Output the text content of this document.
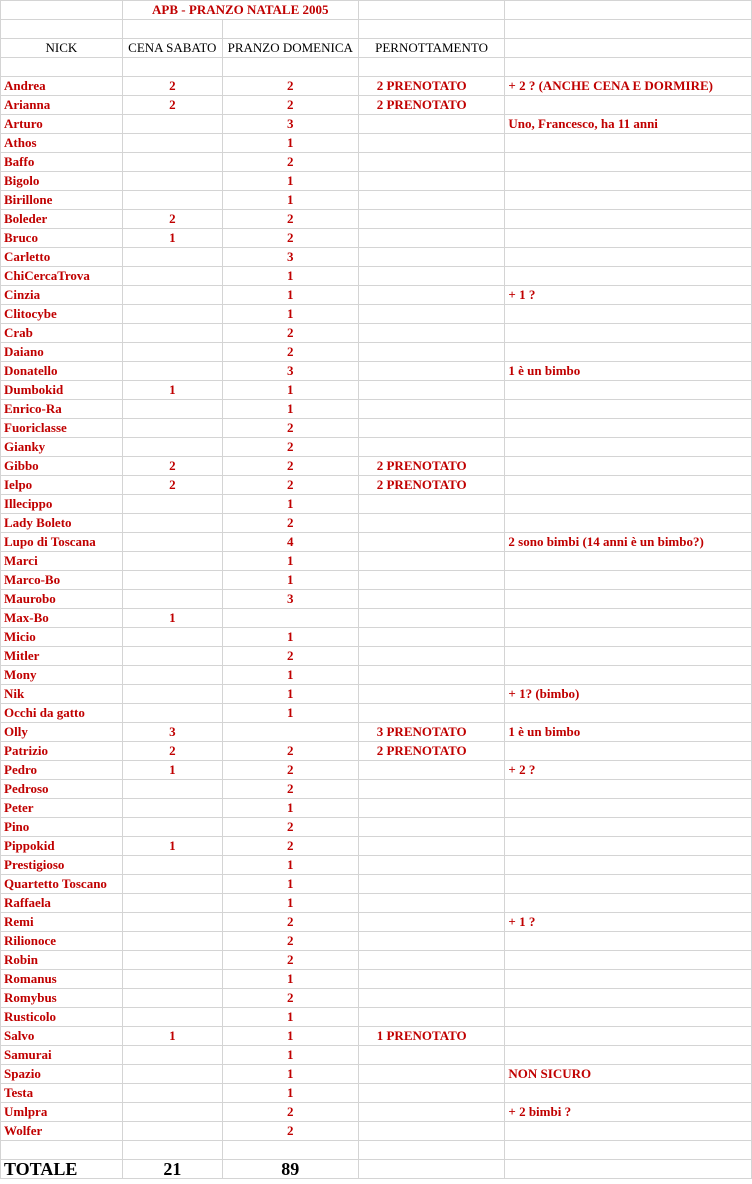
	APB - PRANZO NATALE 2005			

NICK	CENA SABATO	PRANZO DOMENICA	PERNOTTAMENTO	

Andrea	2	2	2 PRENOTATO	+ 2 ? (ANCHE CENA E DORMIRE)
Arianna	2	2	2 PRENOTATO	
Arturo		3		Uno, Francesco, ha 11 anni
Athos		1		
Baffo		2		
Bigolo		1		
Birillone		1		
Boleder	2	2		
Bruco	1	2		
Carletto		3		
ChiCercaTrova		1		
Cinzia		1		+ 1 ?
Clitocybe		1		
Crab		2		
Daiano		2		
Donatello		3		1 è un bimbo
Dumbokid	1	1		
Enrico-Ra		1		
Fuoriclasse		2		
Gianky		2		
Gibbo	2	2	2 PRENOTATO	
Ielpo	2	2	2 PRENOTATO	
Illecippo		1		
Lady Boleto		2		
Lupo di Toscana		4		2 sono bimbi (14 anni è un bimbo?)
Marci		1		
Marco-Bo		1		
Maurobo		3		
Max-Bo	1			
Micio		1		
Mitler		2		
Mony		1		
Nik		1		+ 1? (bimbo)
Occhi da gatto		1		
Olly	3		3 PRENOTATO	1 è un bimbo
Patrizio	2	2	2 PRENOTATO	
Pedro	1	2		+ 2 ?
Pedroso		2		
Peter		1		
Pino		2		
Pippokid	1	2		
Prestigioso		1		
Quartetto Toscano		1		
Raffaela		1		
Remi		2		+ 1 ?
Rilionoce		2		
Robin		2		
Romanus		1		
Romybus		2		
Rusticolo		1		
Salvo	1	1	1 PRENOTATO	
Samurai		1		
Spazio		1		NON SICURO
Testa		1		
Umlpra		2		+ 2 bimbi ?
Wolfer		2		

TOTALE	21	89		
